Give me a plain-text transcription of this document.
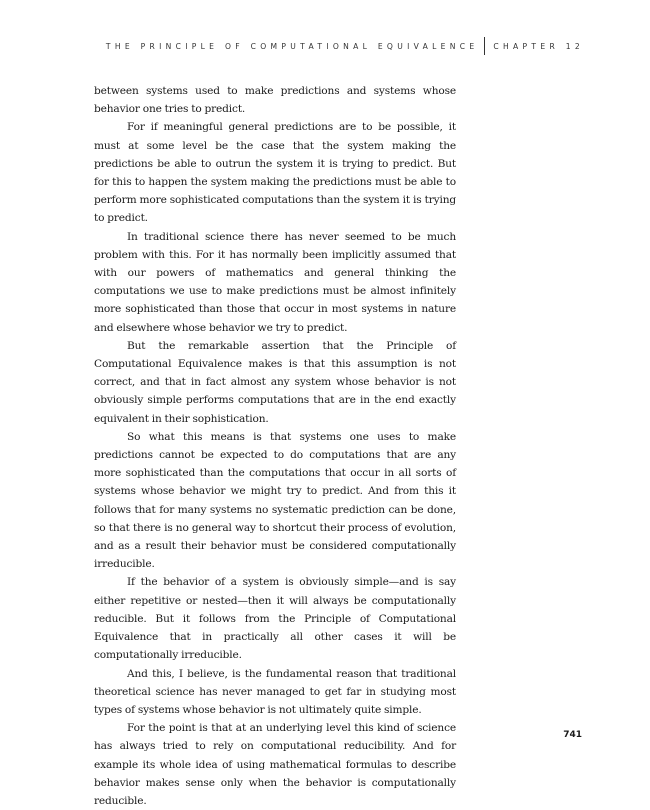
THE PRINCIPLE OF COMPUTATIONAL EQUIVALENCE CHAPTER 12

between systems used to make predictions and systems whose behavior one tries to predict.

For if meaningful general predictions are to be possible, it must at some level be the case that the system making the predictions be able to outrun the system it is trying to predict. But for this to happen the system making the predictions must be able to perform more sophisticated computations than the system it is trying to predict.

In traditional science there has never seemed to be much problem with this. For it has normally been implicitly assumed that with our powers of mathematics and general thinking the computations we use to make predictions must be almost infinitely more sophisticated than those that occur in most systems in nature and elsewhere whose behavior we try to predict.

But the remarkable assertion that the Principle of Computational Equivalence makes is that this assumption is not correct, and that in fact almost any system whose behavior is not obviously simple performs computations that are in the end exactly equivalent in their sophistication.

So what this means is that systems one uses to make predictions cannot be expected to do computations that are any more sophisticated than the computations that occur in all sorts of systems whose behavior we might try to predict. And from this it follows that for many systems no systematic prediction can be done, so that there is no general way to shortcut their process of evolution, and as a result their behavior must be considered computationally irreducible.

If the behavior of a system is obviously simple—and is say either repetitive or nested—then it will always be computationally reducible. But it follows from the Principle of Computational Equivalence that in practically all other cases it will be computationally irreducible.

And this, I believe, is the fundamental reason that traditional theoretical science has never managed to get far in studying most types of systems whose behavior is not ultimately quite simple.

For the point is that at an underlying level this kind of science has always tried to rely on computational reducibility. And for example its whole idea of using mathematical formulas to describe behavior makes sense only when the behavior is computationally reducible.

741
